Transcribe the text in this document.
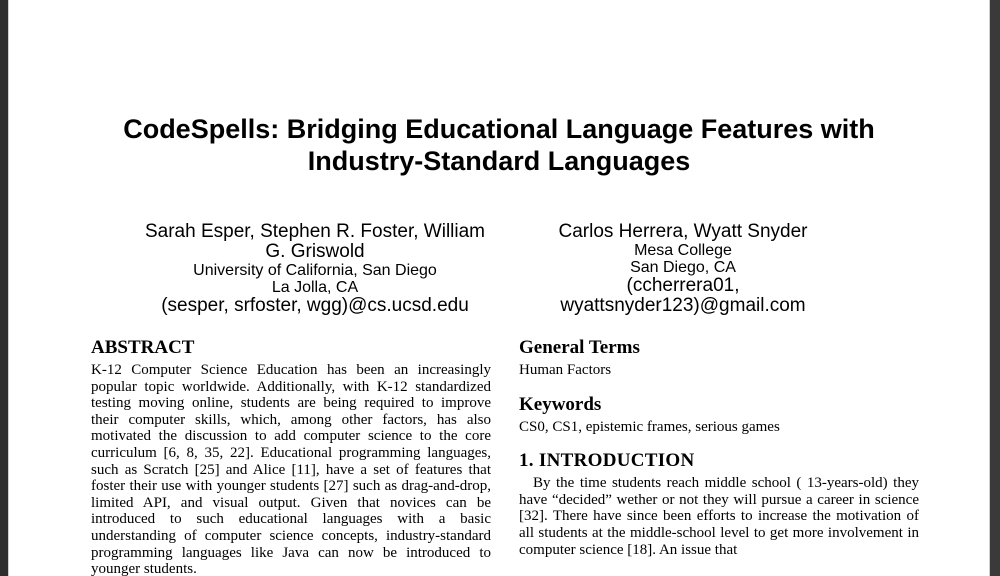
CodeSpells: Bridging Educational Language Features with
Industry-Standard Languages
Sarah Esper, Stephen R. Foster, William
G. Griswold
University of California, San Diego
La Jolla, CA
(sesper, srfoster, wgg)@cs.ucsd.edu
Carlos Herrera, Wyatt Snyder
Mesa College
San Diego, CA
(ccherrera01,
wyattsnyder123)@gmail.com
ABSTRACT

K-12 Computer Science Education has been an increasingly popular topic worldwide. Additionally, with K-12 standardized testing moving online, students are being required to improve their computer skills, which, among other factors, has also motivated the discussion to add computer science to the core curriculum [6, 8, 35, 22]. Educational programming languages, such as Scratch [25] and Alice [11], have a set of features that foster their use with younger students [27] such as drag-and-drop, limited API, and visual output. Given that novices can be introduced to such educational languages with a basic understanding of computer science concepts, industry-standard programming languages like Java can now be introduced to younger students.

General Terms

Human Factors

Keywords

CS0, CS1, epistemic frames, serious games

1. INTRODUCTION

By the time students reach middle school ( 13-years-old) they have “decided” wether or not they will pursue a career in science [32]. There have since been efforts to increase the motivation of all students at the middle-school level to get more involvement in computer science [18]. An issue that
